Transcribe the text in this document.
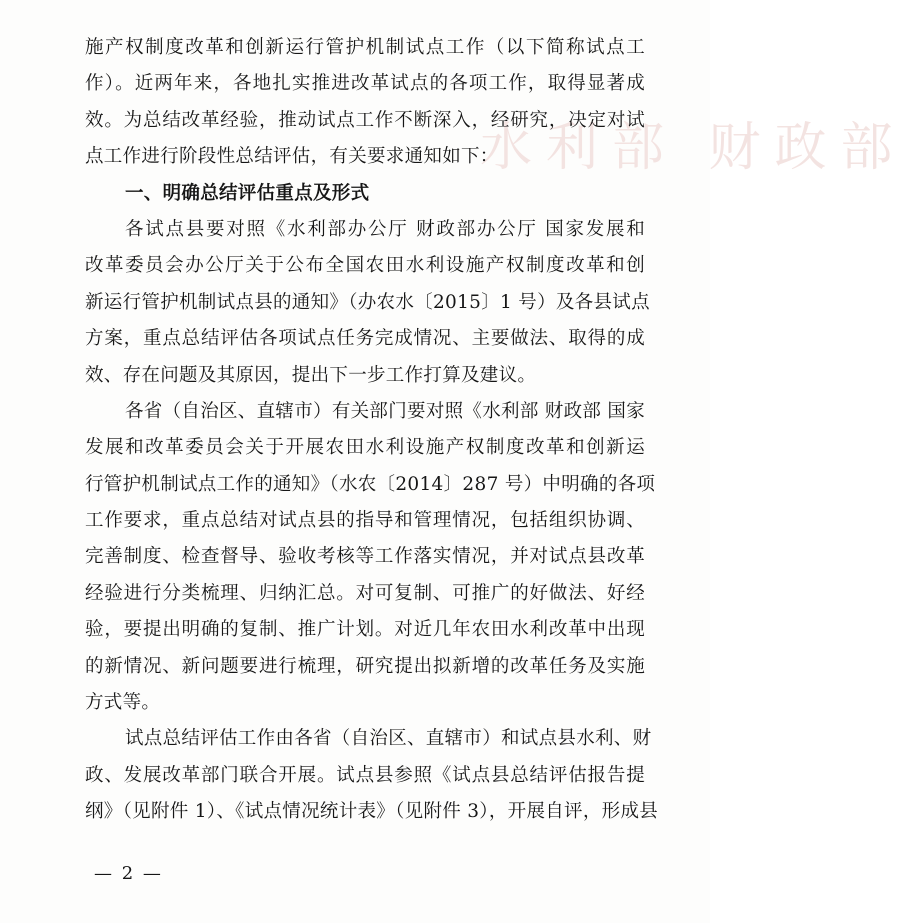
水利部 财政部
施产权制度改革和创新运行管护机制试点工作（以下简称试点工
作）。近两年来，各地扎实推进改革试点的各项工作，取得显著成
效。为总结改革经验，推动试点工作不断深入，经研究，决定对试
点工作进行阶段性总结评估，有关要求通知如下：
一、明确总结评估重点及形式
各试点县要对照《水利部办公厅 财政部办公厅 国家发展和
改革委员会办公厅关于公布全国农田水利设施产权制度改革和创
新运行管护机制试点县的通知》（办农水〔2015〕1 号）及各县试点
方案，重点总结评估各项试点任务完成情况、主要做法、取得的成
效、存在问题及其原因，提出下一步工作打算及建议。
各省（自治区、直辖市）有关部门要对照《水利部 财政部 国家
发展和改革委员会关于开展农田水利设施产权制度改革和创新运
行管护机制试点工作的通知》（水农〔2014〕287 号）中明确的各项
工作要求，重点总结对试点县的指导和管理情况，包括组织协调、
完善制度、检查督导、验收考核等工作落实情况，并对试点县改革
经验进行分类梳理、归纳汇总。对可复制、可推广的好做法、好经
验，要提出明确的复制、推广计划。对近几年农田水利改革中出现
的新情况、新问题要进行梳理，研究提出拟新增的改革任务及实施
方式等。
试点总结评估工作由各省（自治区、直辖市）和试点县水利、财
政、发展改革部门联合开展。试点县参照《试点县总结评估报告提
纲》（见附件 1）、《试点情况统计表》（见附件 3），开展自评，形成县
— 2 —
